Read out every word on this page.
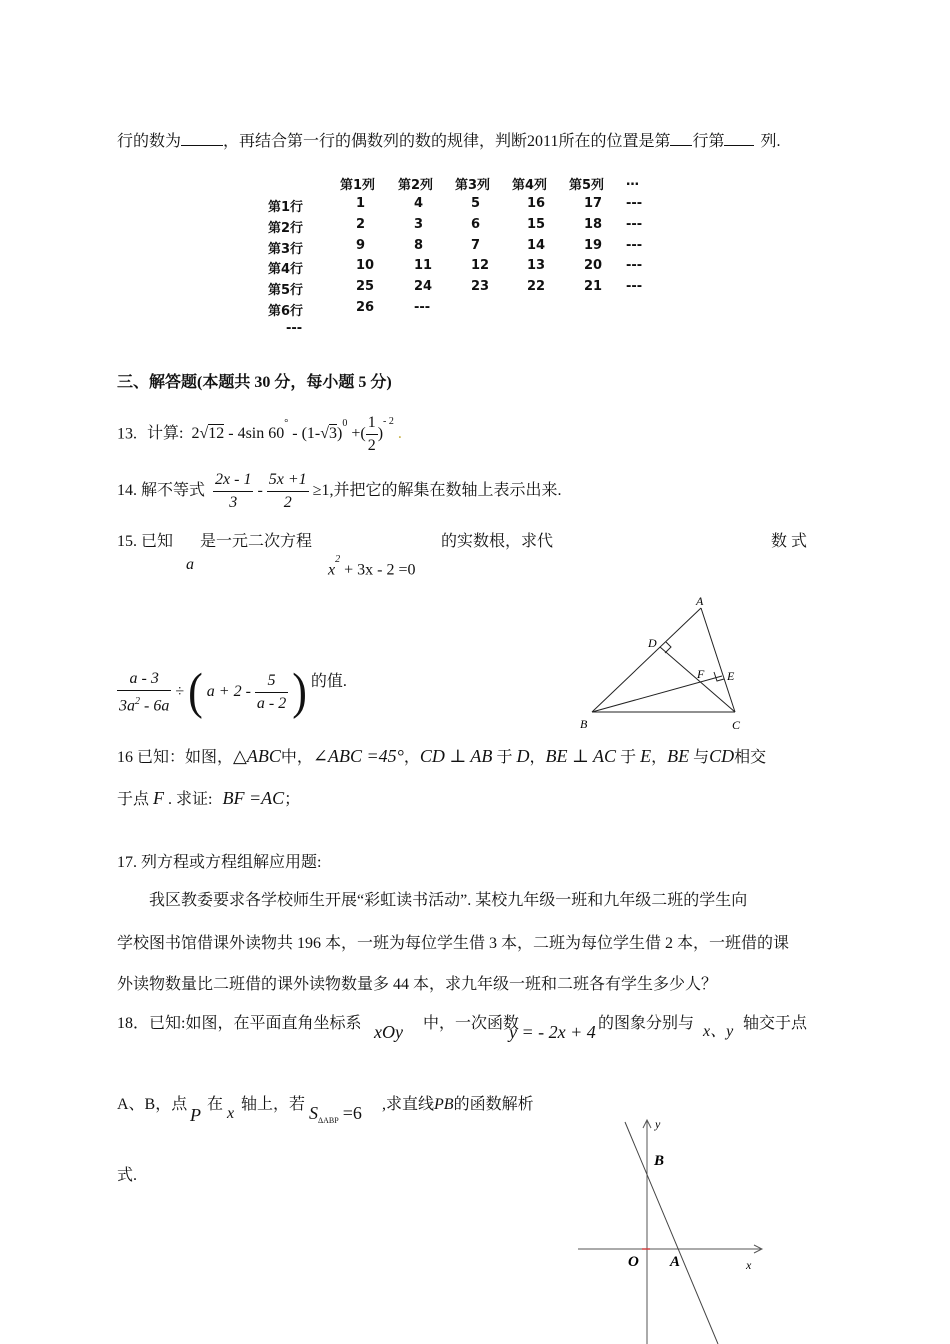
行的数为	，再结合第一行的偶数列的数的规律，判断2011所在的位置是第 行第 列.
第1列 第2列 第3列 第4列 第5列 …
第1行	1	4	5	16	17 ---
第2行	2	3	6	15	18 ---
第3行	9	8	7	14	19 ---
第4行	10	11	12	13	20 ---
第5行	25	24	23	22	21 ---
第6行	26	---
---
三、解答题(本题共 30 分，每小题 5 分)
13. 计算: 2√12 - 4sin $60^\circ - (1-√3)^0$ +( $\frac{1}{2} )^{- 2}$ .
14. 解不等式 $\frac{2x - 1}{3} - \frac{5x +1}{2} \ge 1$,并把它的解集在数轴上表示出来.
15. 已知 是一元二次方程	的实数根，求代	数 式
a	$x^2 + 3x - 2 =0$
$\frac{a - 3}{3a^2 - 6a}$ ÷ ( $a + 2 - \frac{5}{a - 2}$ ) 的值.
A
B	C
D
E
F
16 已知：如图，△ABC中，∠ABC =45°，CD ⊥ AB 于 D，BE ⊥ AC 于 E，BE 与CD相交
于点 F . 求证: BF =AC；
17. 列方程或方程组解应用题:
我区教委要求各学校师生开展“彩虹读书活动”. 某校九年级一班和九年级二班的学生向
学校图书馆借课外读物共 196 本，一班为每位学生借 3 本，二班为每位学生借 2 本，一班借的课
外读物数量比二班借的课外读物数量多 44 本，求九年级一班和二班各有学生多少人？
18．已知:如图，在平面直角坐标系 xOy 中，一次函数
y = - 2x + 4 的图象分别与 x、y 轴交于点
A、B，点
P
在
x
轴上，若 $S_{\Delta ABP} =6$ ,求直线PB的函数解析
式.
y
x
O A
B
